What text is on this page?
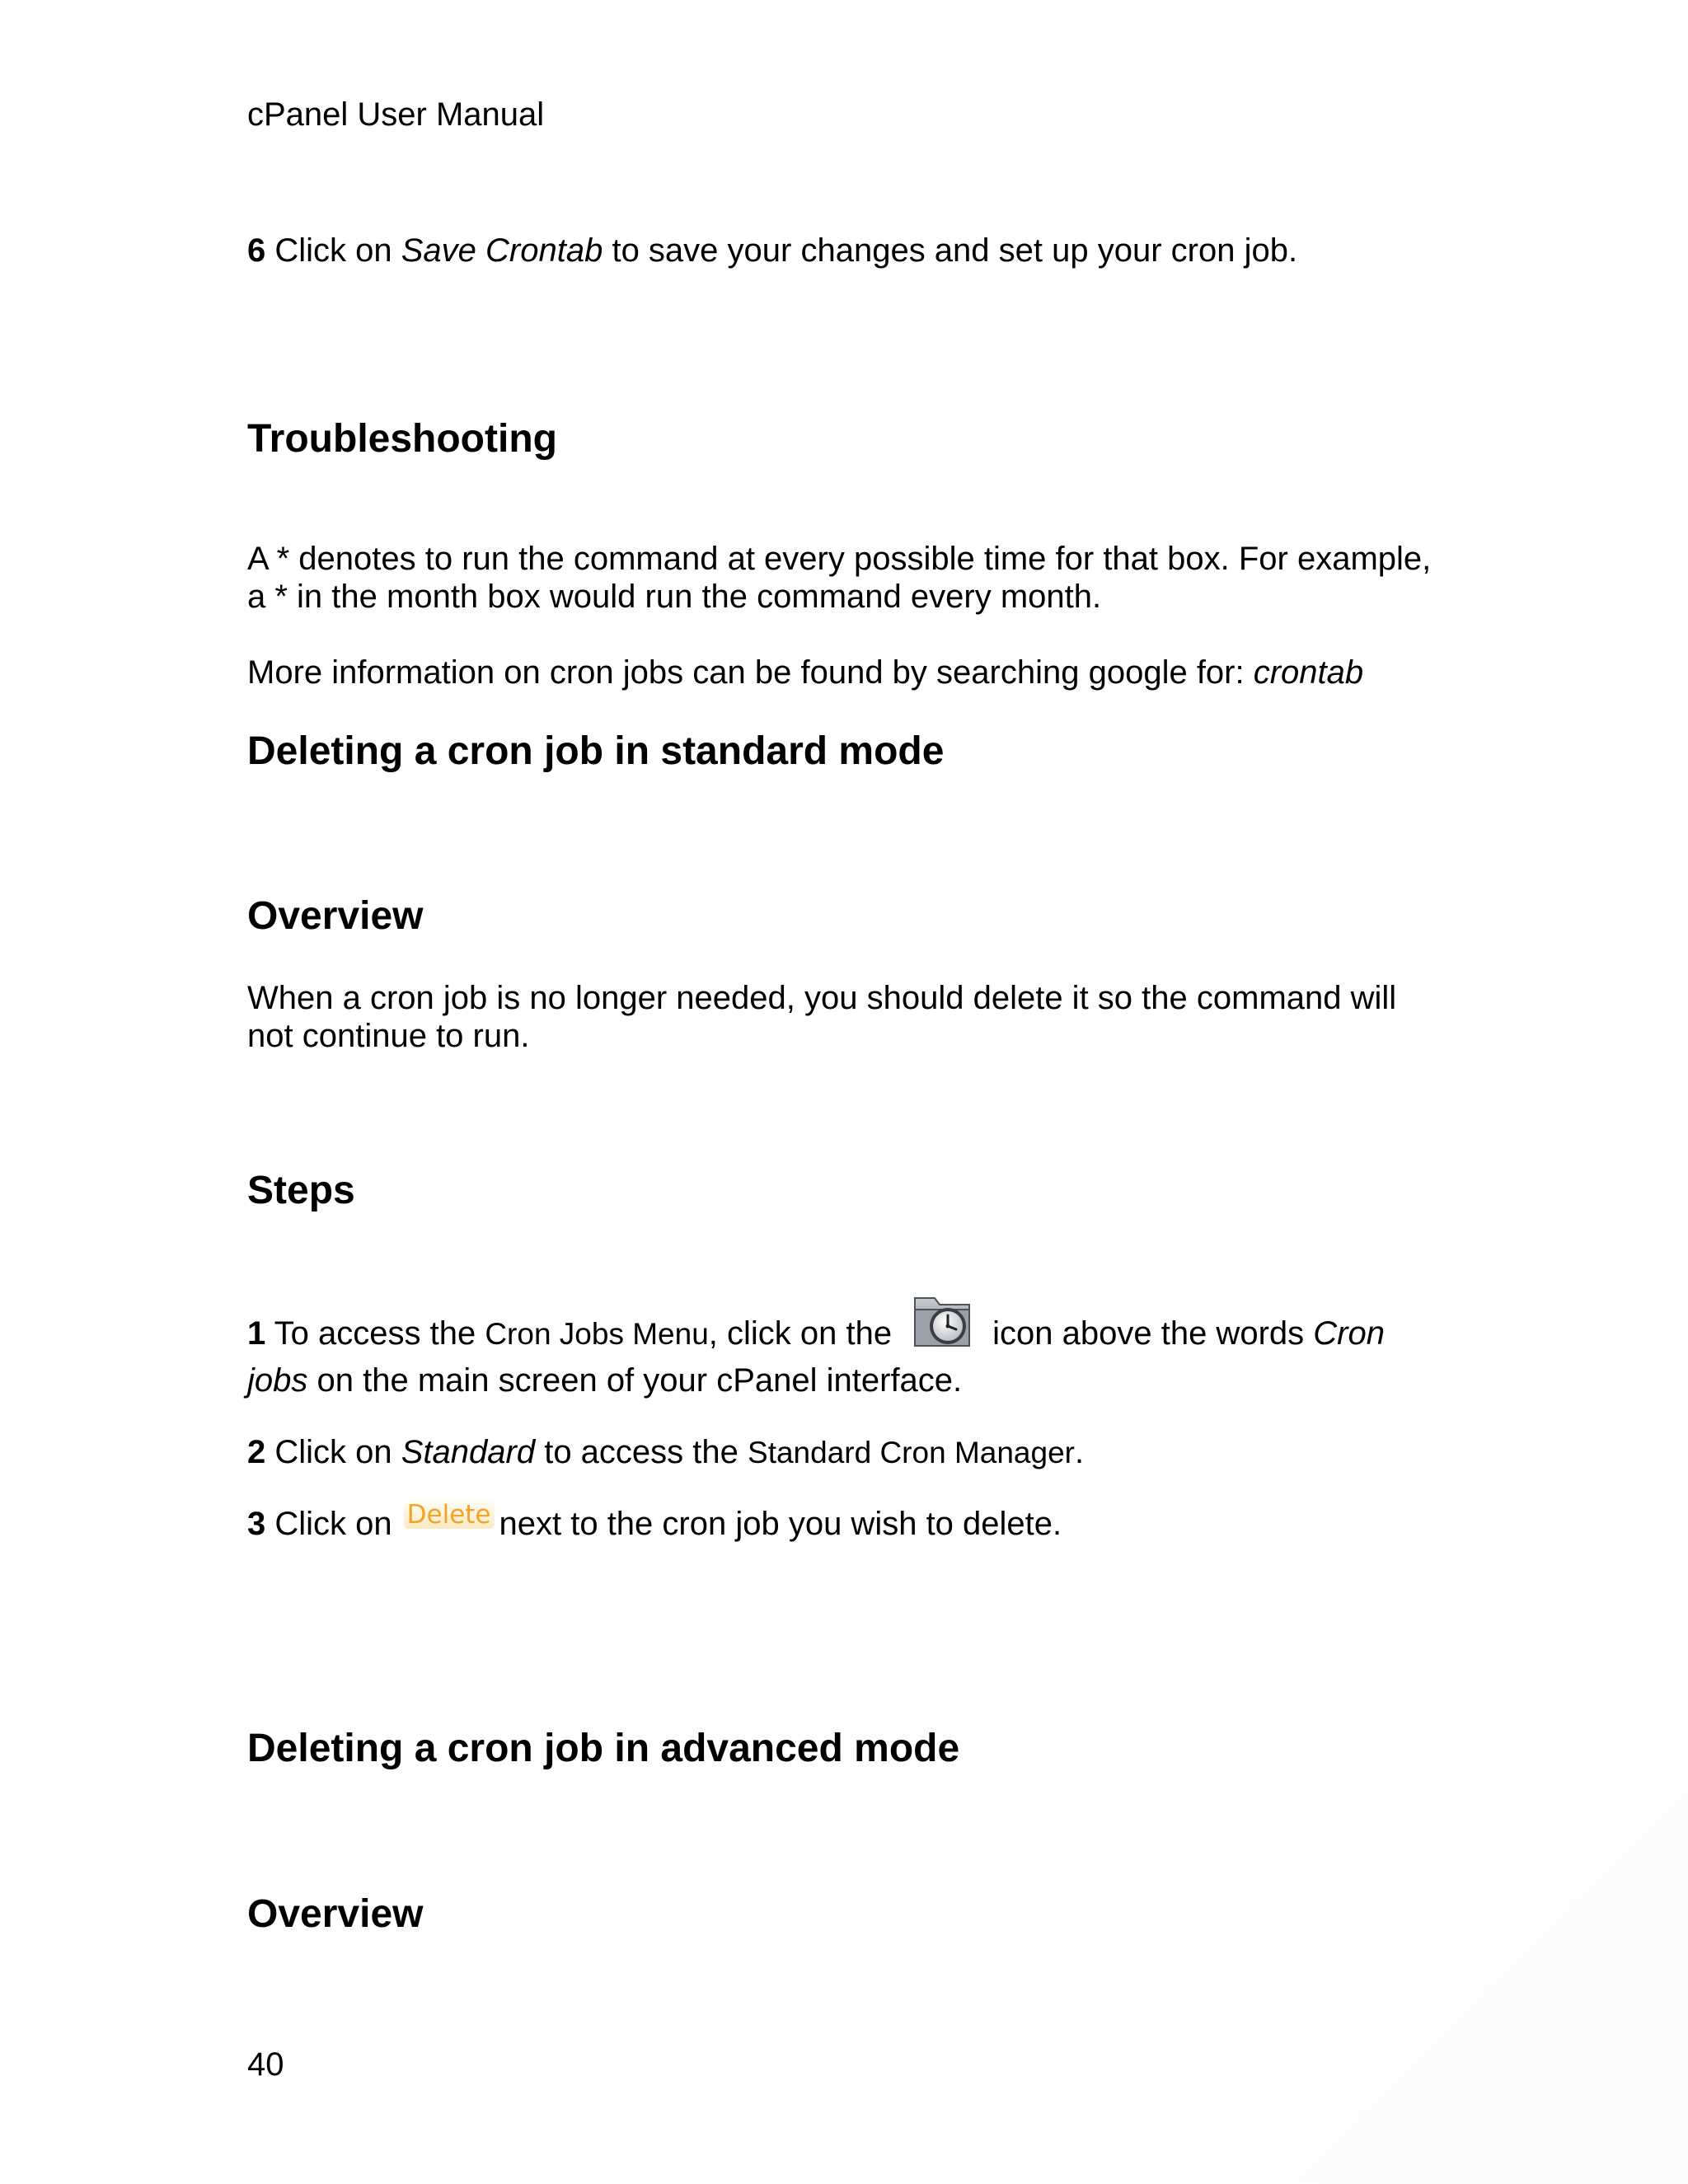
cPanel User Manual

6 Click on Save Crontab to save your changes and set up your cron job.

Troubleshooting

A * denotes to run the command at every possible time for that box. For example,

a * in the month box would run the command every month.

More information on cron jobs can be found by searching google for: crontab

Deleting a cron job in standard mode
Overview

When a cron job is no longer needed, you should delete it so the command will

not continue to run.

Steps

1 To access the Cron Jobs Menu, click on the	icon above the words Cron

jobs on the main screen of your cPanel interface.

2 Click on Standard to access the Standard Cron Manager.

3 Click on Delete next to the cron job you wish to delete.

Deleting a cron job in advanced mode
Overview
40
